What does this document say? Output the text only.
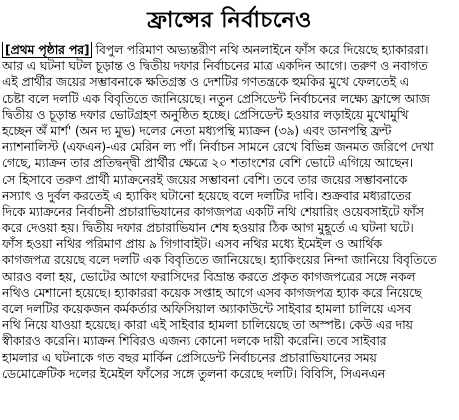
ফ্রান্সের নির্বাচনেও
[প্রথম পৃষ্ঠার পর] বিপুল পরিমাণ অভ্যন্তরীণ নথি অনলাইনে ফাঁস করে দিয়েছে হ্যাকাররা।
আর এ ঘটনা ঘটল চূড়ান্ত ও দ্বিতীয় দফার নির্বাচনের মাত্র একদিন আগে। তরুণ ও নবাগত
এই প্রার্থীর জয়ের সম্ভাবনাকে ক্ষতিগ্রস্ত ও দেশটির গণতন্ত্রকে হুমকির মুখে ফেলতেই এ
চেষ্টা বলে দলটি এক বিবৃতিতে জানিয়েছে। নতুন প্রেসিডেন্ট নির্বাচনের লক্ষ্যে ফ্রান্সে আজ
দ্বিতীয় ও চূড়ান্ত দফার ভোটগ্রহণ অনুষ্ঠিত হচ্ছে। প্রেসিডেন্ট হওয়ার লড়াইয়ে মুখোমুখি
হচ্ছেন অঁ মার্শ' (অন দ্য মুভ) দলের নেতা মধ্যপন্থি ম্যাক্রন (৩৯) এবং ডানপন্থি ফ্রন্ট
ন্যাশনালিস্ট (এফএন)-এর মেরিন ল্য পাঁ। নির্বাচন সামনে রেখে বিভিন্ন জনমত জরিপে দেখা
গেছে, ম্যাক্রন তার প্রতিদ্বন্দ্বী প্রার্থীর ক্ষেত্রে ২০ শতাংশের বেশি ভোটে এগিয়ে আছেন।
সে হিসাবে তরুণ প্রার্থী ম্যাক্রনেরই জয়ের সম্ভাবনা বেশি। তবে তার জয়ের সম্ভাবনাকে
নস্যাৎ ও দুর্বল করতেই এ হ্যাকিং ঘটানো হয়েছে বলে দলটির দাবি। শুক্রবার মধ্যরাতের
দিকে ম্যাক্রনের নির্বাচনী প্রচারাভিযানের কাগজপত্র একটি নথি শেয়ারিং ওয়েবসাইটে ফাঁস
করে দেওয়া হয়। দ্বিতীয় দফার প্রচারাভিযান শেষ হওয়ার ঠিক আগ মুহূর্তে এ ঘটনা ঘটে।
ফাঁস হওয়া নথির পরিমাণ প্রায় ৯ গিগাবাইট। এসব নথির মধ্যে ইমেইল ও আর্থিক
কাগজপত্র রয়েছে বলে দলটি এক বিবৃতিতে জানিয়েছে। হ্যাকিংয়ের নিন্দা জানিয়ে বিবৃতিতে
আরও বলা হয়, ভোটের আগে ফরাসিদের বিভ্রান্ত করতে প্রকৃত কাগজপত্রের সঙ্গে নকল
নথিও মেশানো হয়েছে। হ্যাকাররা কয়েক সপ্তাহ আগে এসব কাগজপত্র হ্যাক করে নিয়েছে
বলে দলটির কয়েকজন কর্মকর্তার অফিসিয়াল অ্যাকাউন্টে সাইবার হামলা চালিয়ে এসব
নথি নিয়ে যাওয়া হয়েছে। কারা এই সাইবার হামলা চালিয়েছে তা অস্পষ্ট। কেউ এর দায়
স্বীকারও করেনি। ম্যাক্রন শিবিরও এজন্য কোনো দলকে দায়ী করেনি। তবে সাইবার
হামলার এ ঘটনাকে গত বছর মার্কিন প্রেসিডেন্ট নির্বাচনের প্রচারাভিযানের সময়
ডেমোক্রেটিক দলের ইমেইল ফাঁসের সঙ্গে তুলনা করেছে দলটি। বিবিসি, সিএনএন
